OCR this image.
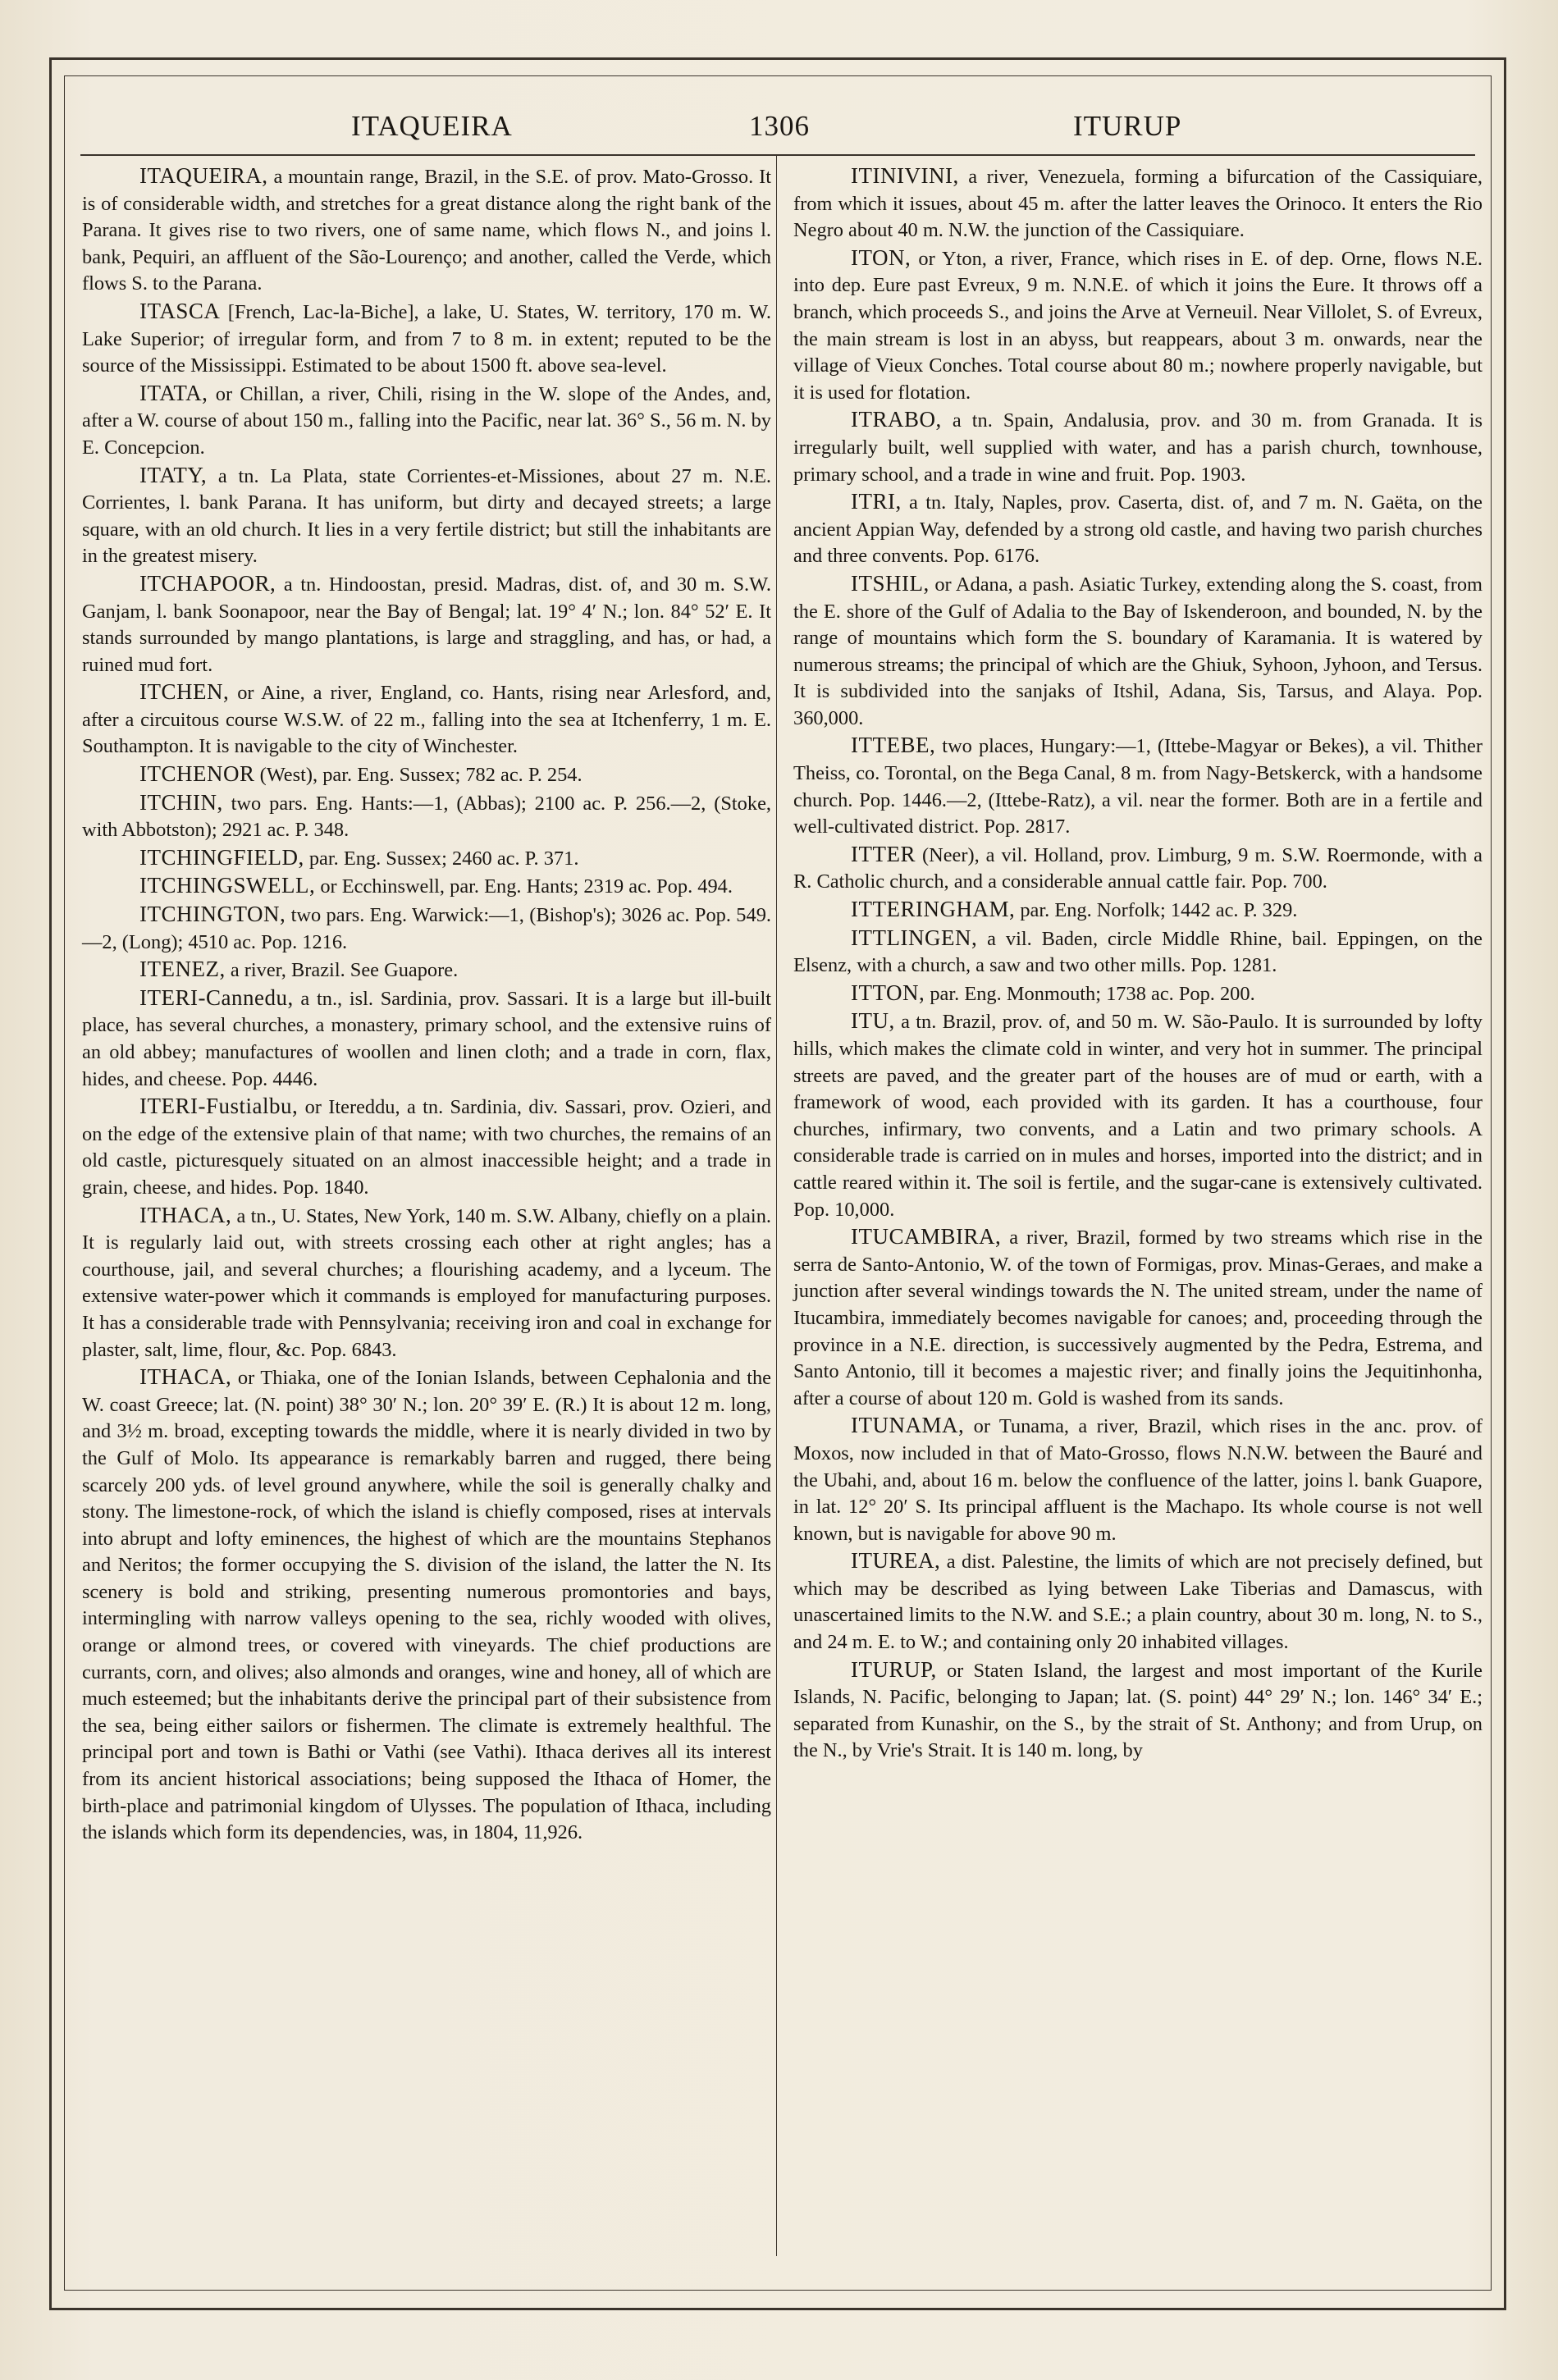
ITAQUEIRA	1306	ITURUP

ITAQUEIRA, a mountain range, Brazil, in the S.E. of prov. Mato-Grosso. It is of considerable width, and stretches for a great distance along the right bank of the Parana. It gives rise to two rivers, one of same name, which flows N., and joins l. bank, Pequiri, an affluent of the São-Lourenço; and another, called the Verde, which flows S. to the Parana.

ITASCA [French, Lac-la-Biche], a lake, U. States, W. territory, 170 m. W. Lake Superior; of irregular form, and from 7 to 8 m. in extent; reputed to be the source of the Mississippi. Estimated to be about 1500 ft. above sea-level.

ITATA, or Chillan, a river, Chili, rising in the W. slope of the Andes, and, after a W. course of about 150 m., falling into the Pacific, near lat. 36° S., 56 m. N. by E. Concepcion.

ITATY, a tn. La Plata, state Corrientes-et-Missiones, about 27 m. N.E. Corrientes, l. bank Parana. It has uniform, but dirty and decayed streets; a large square, with an old church. It lies in a very fertile district; but still the inhabitants are in the greatest misery.

ITCHAPOOR, a tn. Hindoostan, presid. Madras, dist. of, and 30 m. S.W. Ganjam, l. bank Soonapoor, near the Bay of Bengal; lat. 19° 4′ N.; lon. 84° 52′ E. It stands surrounded by mango plantations, is large and straggling, and has, or had, a ruined mud fort.

ITCHEN, or Aine, a river, England, co. Hants, rising near Arlesford, and, after a circuitous course W.S.W. of 22 m., falling into the sea at Itchenferry, 1 m. E. Southampton. It is navigable to the city of Winchester.

ITCHENOR (West), par. Eng. Sussex; 782 ac. P. 254.

ITCHIN, two pars. Eng. Hants:—1, (Abbas); 2100 ac. P. 256.—2, (Stoke, with Abbotston); 2921 ac. P. 348.

ITCHINGFIELD, par. Eng. Sussex; 2460 ac. P. 371.

ITCHINGSWELL, or Ecchinswell, par. Eng. Hants; 2319 ac. Pop. 494.

ITCHINGTON, two pars. Eng. Warwick:—1, (Bishop's); 3026 ac. Pop. 549.—2, (Long); 4510 ac. Pop. 1216.

ITENEZ, a river, Brazil. See Guapore.

ITERI-Cannedu, a tn., isl. Sardinia, prov. Sassari. It is a large but ill-built place, has several churches, a monastery, primary school, and the extensive ruins of an old abbey; manufactures of woollen and linen cloth; and a trade in corn, flax, hides, and cheese. Pop. 4446.

ITERI-Fustialbu, or Itereddu, a tn. Sardinia, div. Sassari, prov. Ozieri, and on the edge of the extensive plain of that name; with two churches, the remains of an old castle, picturesquely situated on an almost inaccessible height; and a trade in grain, cheese, and hides. Pop. 1840.

ITHACA, a tn., U. States, New York, 140 m. S.W. Albany, chiefly on a plain. It is regularly laid out, with streets crossing each other at right angles; has a courthouse, jail, and several churches; a flourishing academy, and a lyceum. The extensive water-power which it commands is employed for manufacturing purposes. It has a considerable trade with Pennsylvania; receiving iron and coal in exchange for plaster, salt, lime, flour, &c. Pop. 6843.

ITHACA, or Thiaka, one of the Ionian Islands, between Cephalonia and the W. coast Greece; lat. (N. point) 38° 30′ N.; lon. 20° 39′ E. (R.) It is about 12 m. long, and 3½ m. broad, excepting towards the middle, where it is nearly divided in two by the Gulf of Molo. Its appearance is remarkably barren and rugged, there being scarcely 200 yds. of level ground anywhere, while the soil is generally chalky and stony. The limestone-rock, of which the island is chiefly composed, rises at intervals into abrupt and lofty eminences, the highest of which are the mountains Stephanos and Neritos; the former occupying the S. division of the island, the latter the N. Its scenery is bold and striking, presenting numerous promontories and bays, intermingling with narrow valleys opening to the sea, richly wooded with olives, orange or almond trees, or covered with vineyards. The chief productions are currants, corn, and olives; also almonds and oranges, wine and honey, all of which are much esteemed; but the inhabitants derive the principal part of their subsistence from the sea, being either sailors or fishermen. The climate is extremely healthful. The principal port and town is Bathi or Vathi (see Vathi). Ithaca derives all its interest from its ancient historical associations; being supposed the Ithaca of Homer, the birth-place and patrimonial kingdom of Ulysses. The population of Ithaca, including the islands which form its dependencies, was, in 1804, 11,926.

ITINIVINI, a river, Venezuela, forming a bifurcation of the Cassiquiare, from which it issues, about 45 m. after the latter leaves the Orinoco. It enters the Rio Negro about 40 m. N.W. the junction of the Cassiquiare.

ITON, or Yton, a river, France, which rises in E. of dep. Orne, flows N.E. into dep. Eure past Evreux, 9 m. N.N.E. of which it joins the Eure. It throws off a branch, which proceeds S., and joins the Arve at Verneuil. Near Villolet, S. of Evreux, the main stream is lost in an abyss, but reappears, about 3 m. onwards, near the village of Vieux Conches. Total course about 80 m.; nowhere properly navigable, but it is used for flotation.

ITRABO, a tn. Spain, Andalusia, prov. and 30 m. from Granada. It is irregularly built, well supplied with water, and has a parish church, townhouse, primary school, and a trade in wine and fruit. Pop. 1903.

ITRI, a tn. Italy, Naples, prov. Caserta, dist. of, and 7 m. N. Gaëta, on the ancient Appian Way, defended by a strong old castle, and having two parish churches and three convents. Pop. 6176.

ITSHIL, or Adana, a pash. Asiatic Turkey, extending along the S. coast, from the E. shore of the Gulf of Adalia to the Bay of Iskenderoon, and bounded, N. by the range of mountains which form the S. boundary of Karamania. It is watered by numerous streams; the principal of which are the Ghiuk, Syhoon, Jyhoon, and Tersus. It is subdivided into the sanjaks of Itshil, Adana, Sis, Tarsus, and Alaya. Pop. 360,000.

ITTEBE, two places, Hungary:—1, (Ittebe-Magyar or Bekes), a vil. Thither Theiss, co. Torontal, on the Bega Canal, 8 m. from Nagy-Betskerck, with a handsome church. Pop. 1446.—2, (Ittebe-Ratz), a vil. near the former. Both are in a fertile and well-cultivated district. Pop. 2817.

ITTER (Neer), a vil. Holland, prov. Limburg, 9 m. S.W. Roermonde, with a R. Catholic church, and a considerable annual cattle fair. Pop. 700.

ITTERINGHAM, par. Eng. Norfolk; 1442 ac. P. 329.

ITTLINGEN, a vil. Baden, circle Middle Rhine, bail. Eppingen, on the Elsenz, with a church, a saw and two other mills. Pop. 1281.

ITTON, par. Eng. Monmouth; 1738 ac. Pop. 200.

ITU, a tn. Brazil, prov. of, and 50 m. W. São-Paulo. It is surrounded by lofty hills, which makes the climate cold in winter, and very hot in summer. The principal streets are paved, and the greater part of the houses are of mud or earth, with a framework of wood, each provided with its garden. It has a courthouse, four churches, infirmary, two convents, and a Latin and two primary schools. A considerable trade is carried on in mules and horses, imported into the district; and in cattle reared within it. The soil is fertile, and the sugar-cane is extensively cultivated. Pop. 10,000.

ITUCAMBIRA, a river, Brazil, formed by two streams which rise in the serra de Santo-Antonio, W. of the town of Formigas, prov. Minas-Geraes, and make a junction after several windings towards the N. The united stream, under the name of Itucambira, immediately becomes navigable for canoes; and, proceeding through the province in a N.E. direction, is successively augmented by the Pedra, Estrema, and Santo Antonio, till it becomes a majestic river; and finally joins the Jequitinhonha, after a course of about 120 m. Gold is washed from its sands.

ITUNAMA, or Tunama, a river, Brazil, which rises in the anc. prov. of Moxos, now included in that of Mato-Grosso, flows N.N.W. between the Bauré and the Ubahi, and, about 16 m. below the confluence of the latter, joins l. bank Guapore, in lat. 12° 20′ S. Its principal affluent is the Machapo. Its whole course is not well known, but is navigable for above 90 m.

ITUREA, a dist. Palestine, the limits of which are not precisely defined, but which may be described as lying between Lake Tiberias and Damascus, with unascertained limits to the N.W. and S.E.; a plain country, about 30 m. long, N. to S., and 24 m. E. to W.; and containing only 20 inhabited villages.

ITURUP, or Staten Island, the largest and most important of the Kurile Islands, N. Pacific, belonging to Japan; lat. (S. point) 44° 29′ N.; lon. 146° 34′ E.; separated from Kunashir, on the S., by the strait of St. Anthony; and from Urup, on the N., by Vrie's Strait. It is 140 m. long, by
